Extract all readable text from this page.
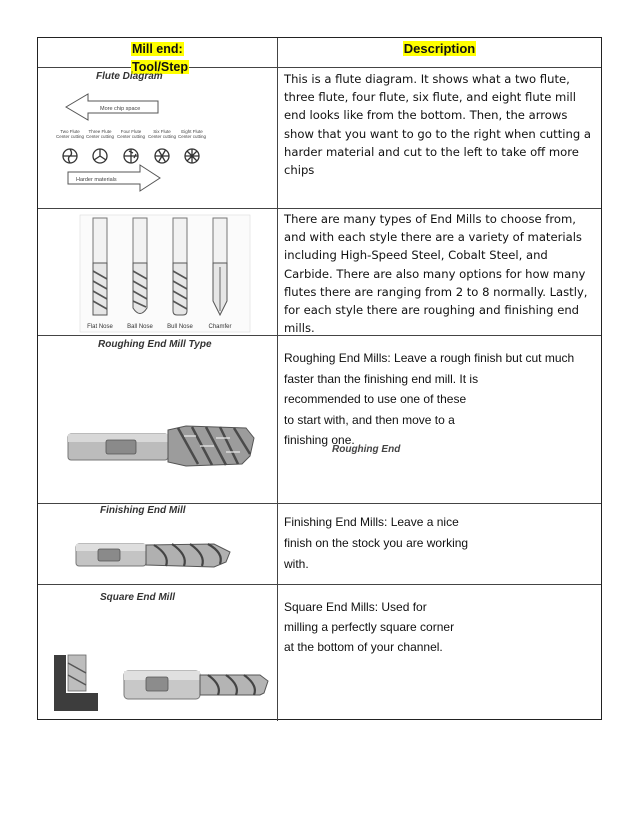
Mill end:
Tool/Step
Description
Flute Diagram
More chip space
Two Flute
Center cutting
Three Flute
Center cutting
Four Flute
Center cutting
Six Flute
Center cutting
Eight Flute
Center cutting
Harder materials
This is a flute diagram. It shows what a two flute, three flute, four flute, six flute, and eight flute mill end looks like from the bottom. Then, the arrows show that you want to go to the right when cutting a harder material and cut to the left to take off more chips
Flat Nose Ball Nose Bull Nose	Chamfer
There are many types of End Mills to choose from, and with each style there are a variety of materials including High-Speed Steel, Cobalt Steel, and Carbide. There are also many options for how many flutes there are ranging from 2 to 8 normally. Lastly, for each style there are roughing and finishing end mills.
Roughing End Mill Type
Roughing End Mills: Leave a rough finish but cut much
faster than the finishing end mill. It is
recommended to use one of these
to start with, and then move to a
finishing one.
Roughing End
Finishing End Mill
Finishing End Mills: Leave a nice
finish on the stock you are working
with.
Square End Mill
Square End Mills: Used for
milling a perfectly square corner
at the bottom of your channel.
